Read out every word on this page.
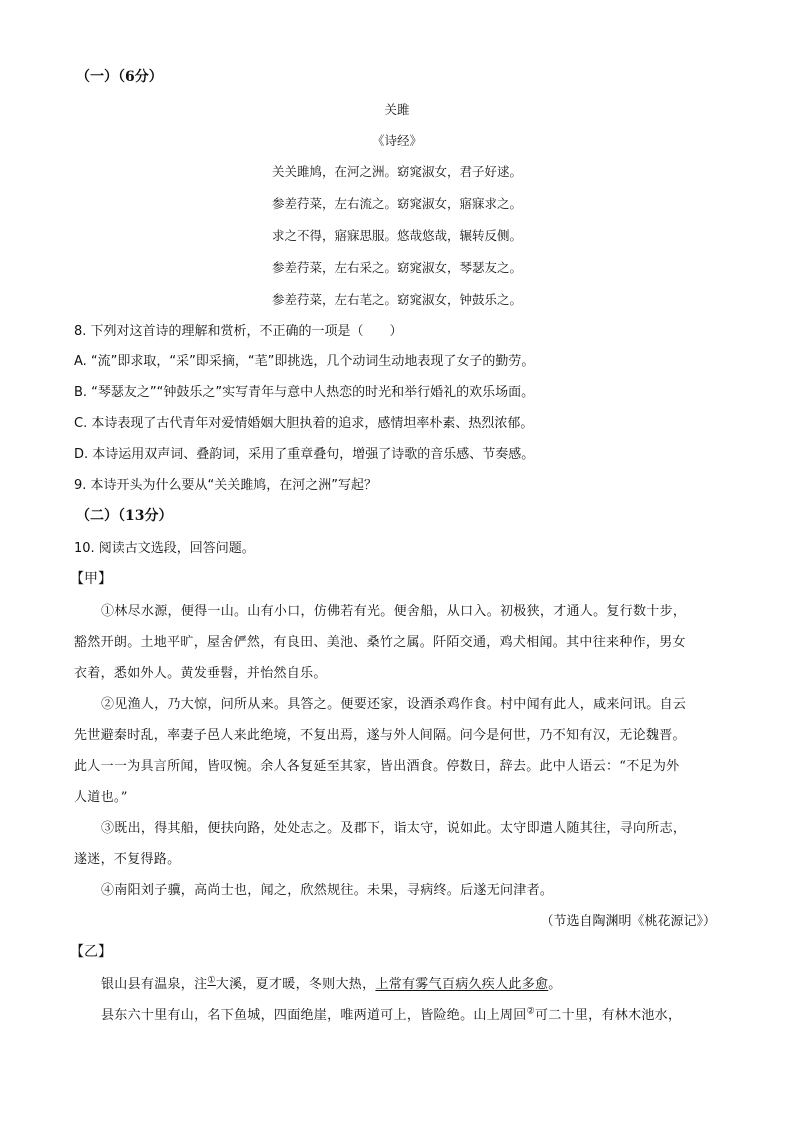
（一）（6分）
关雎
《诗经》
关关雎鸠，在河之洲。窈窕淑女，君子好逑。
参差荇菜，左右流之。窈窕淑女，寤寐求之。
求之不得，寤寐思服。悠哉悠哉，辗转反侧。
参差荇菜，左右采之。窈窕淑女，琴瑟友之。
参差荇菜，左右芼之。窈窕淑女，钟鼓乐之。
8. 下列对这首诗的理解和赏析，不正确的一项是（　　）
A. “流”即求取，“采”即采摘，“芼”即挑选，几个动词生动地表现了女子的勤劳。
B. “琴瑟友之”“钟鼓乐之”实写青年与意中人热恋的时光和举行婚礼的欢乐场面。
C. 本诗表现了古代青年对爱情婚姻大胆执着的追求，感情坦率朴素、热烈浓郁。
D. 本诗运用双声词、叠韵词，采用了重章叠句，增强了诗歌的音乐感、节奏感。
9. 本诗开头为什么要从“关关雎鸠，在河之洲”写起？
（二）（13分）
10. 阅读古文选段，回答问题。
【甲】
①林尽水源，便得一山。山有小口，仿佛若有光。便舍船，从口入。初极狭，才通人。复行数十步，
豁然开朗。土地平旷，屋舍俨然，有良田、美池、桑竹之属。阡陌交通，鸡犬相闻。其中往来种作，男女
衣着，悉如外人。黄发垂髫，并怡然自乐。
②见渔人，乃大惊，问所从来。具答之。便要还家，设酒杀鸡作食。村中闻有此人，咸来问讯。自云
先世避秦时乱，率妻子邑人来此绝境，不复出焉，遂与外人间隔。问今是何世，乃不知有汉，无论魏晋。
此人一一为具言所闻，皆叹惋。余人各复延至其家，皆出酒食。停数日，辞去。此中人语云：“不足为外
人道也。”
③既出，得其船，便扶向路，处处志之。及郡下，诣太守，说如此。太守即遣人随其往，寻向所志，
遂迷，不复得路。
④南阳刘子骥，高尚士也，闻之，欣然规往。未果，寻病终。后遂无问津者。
（节选自陶渊明《桃花源记》）
【乙】
银山县有温泉，注①大溪，夏才暖，冬则大热，上常有雾气百病久疾人此多愈。
县东六十里有山，名下鱼城，四面绝崖，唯两道可上，皆险绝。山上周回②可二十里，有林木池水，
